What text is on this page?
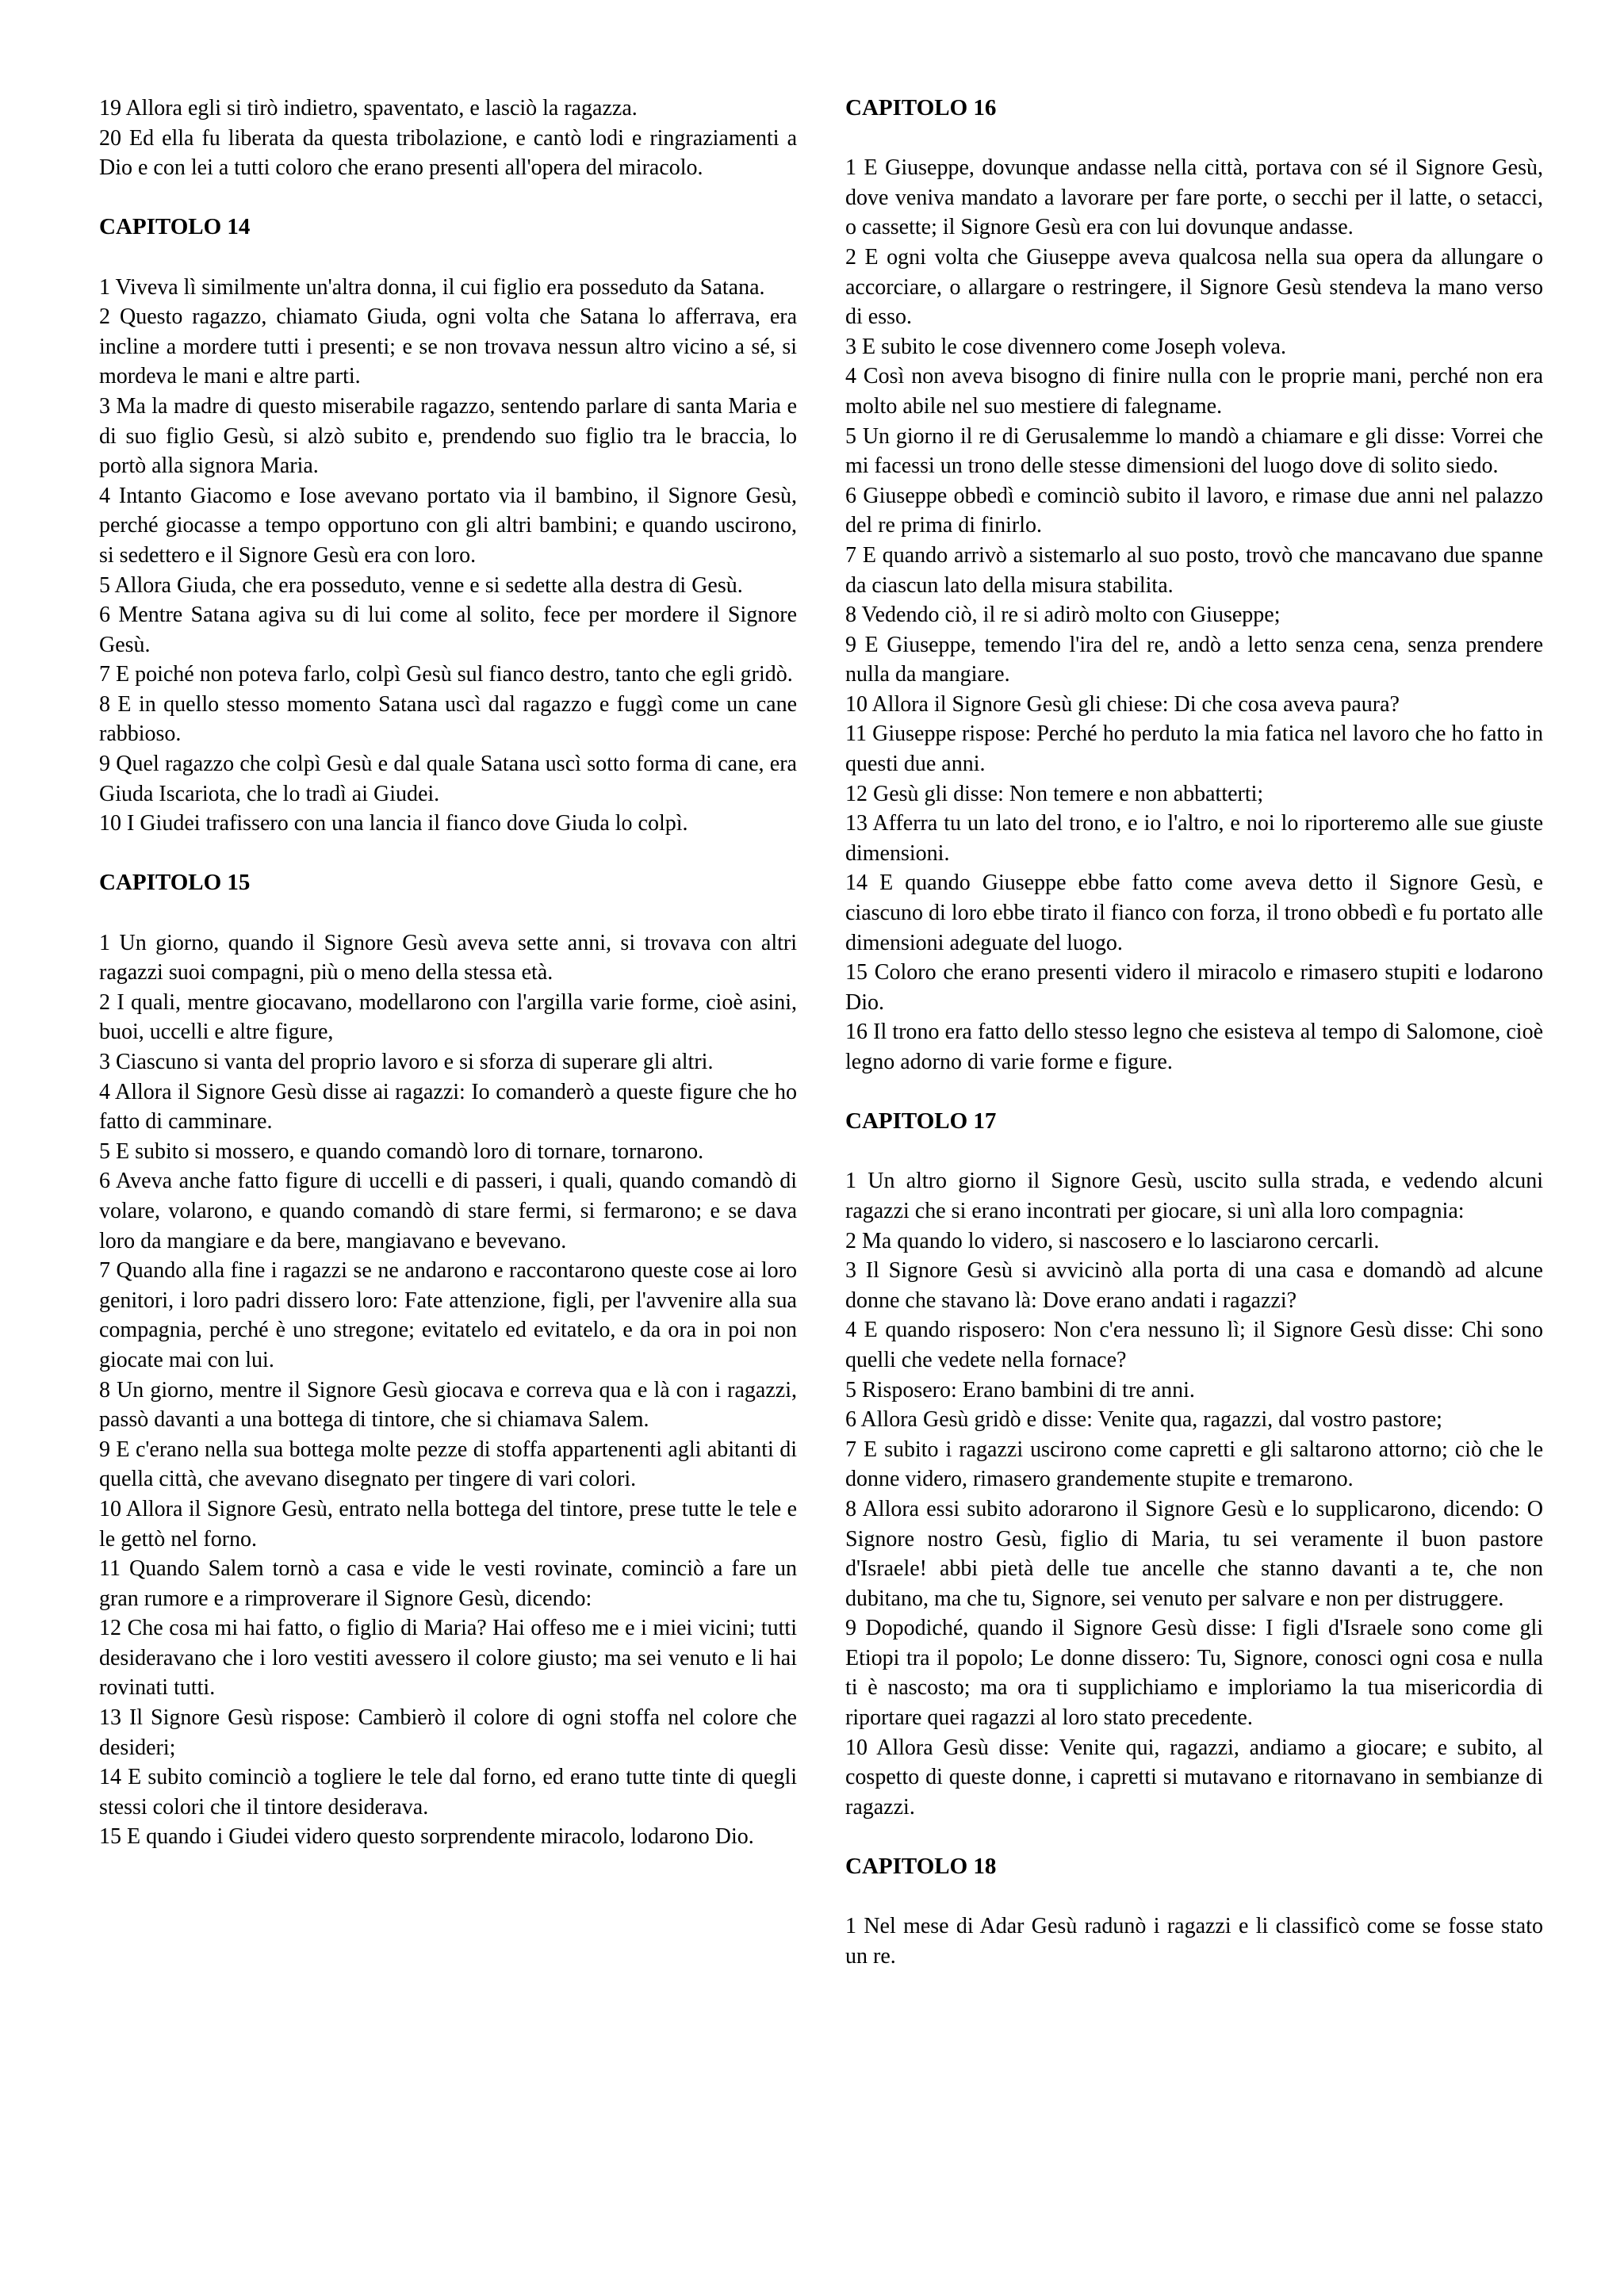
19 Allora egli si tirò indietro, spaventato, e lasciò la ragazza.

20 Ed ella fu liberata da questa tribolazione, e cantò lodi e ringraziamenti a Dio e con lei a tutti coloro che erano presenti all'opera del miracolo.

CAPITOLO 14

1 Viveva lì similmente un'altra donna, il cui figlio era posseduto da Satana.

2 Questo ragazzo, chiamato Giuda, ogni volta che Satana lo afferrava, era incline a mordere tutti i presenti; e se non trovava nessun altro vicino a sé, si mordeva le mani e altre parti.

3 Ma la madre di questo miserabile ragazzo, sentendo parlare di santa Maria e di suo figlio Gesù, si alzò subito e, prendendo suo figlio tra le braccia, lo portò alla signora Maria.

4 Intanto Giacomo e Iose avevano portato via il bambino, il Signore Gesù, perché giocasse a tempo opportuno con gli altri bambini; e quando uscirono, si sedettero e il Signore Gesù era con loro.

5 Allora Giuda, che era posseduto, venne e si sedette alla destra di Gesù.

6 Mentre Satana agiva su di lui come al solito, fece per mordere il Signore Gesù.

7 E poiché non poteva farlo, colpì Gesù sul fianco destro, tanto che egli gridò.

8 E in quello stesso momento Satana uscì dal ragazzo e fuggì come un cane rabbioso.

9 Quel ragazzo che colpì Gesù e dal quale Satana uscì sotto forma di cane, era Giuda Iscariota, che lo tradì ai Giudei.

10 I Giudei trafissero con una lancia il fianco dove Giuda lo colpì.

CAPITOLO 15

1 Un giorno, quando il Signore Gesù aveva sette anni, si trovava con altri ragazzi suoi compagni, più o meno della stessa età.

2 I quali, mentre giocavano, modellarono con l'argilla varie forme, cioè asini, buoi, uccelli e altre figure,

3 Ciascuno si vanta del proprio lavoro e si sforza di superare gli altri.

4 Allora il Signore Gesù disse ai ragazzi: Io comanderò a queste figure che ho fatto di camminare.

5 E subito si mossero, e quando comandò loro di tornare, tornarono.

6 Aveva anche fatto figure di uccelli e di passeri, i quali, quando comandò di volare, volarono, e quando comandò di stare fermi, si fermarono; e se dava loro da mangiare e da bere, mangiavano e bevevano.

7 Quando alla fine i ragazzi se ne andarono e raccontarono queste cose ai loro genitori, i loro padri dissero loro: Fate attenzione, figli, per l'avvenire alla sua compagnia, perché è uno stregone; evitatelo ed evitatelo, e da ora in poi non giocate mai con lui.

8 Un giorno, mentre il Signore Gesù giocava e correva qua e là con i ragazzi, passò davanti a una bottega di tintore, che si chiamava Salem.

9 E c'erano nella sua bottega molte pezze di stoffa appartenenti agli abitanti di quella città, che avevano disegnato per tingere di vari colori.

10 Allora il Signore Gesù, entrato nella bottega del tintore, prese tutte le tele e le gettò nel forno.

11 Quando Salem tornò a casa e vide le vesti rovinate, cominciò a fare un gran rumore e a rimproverare il Signore Gesù, dicendo:

12 Che cosa mi hai fatto, o figlio di Maria? Hai offeso me e i miei vicini; tutti desideravano che i loro vestiti avessero il colore giusto; ma sei venuto e li hai rovinati tutti.

13 Il Signore Gesù rispose: Cambierò il colore di ogni stoffa nel colore che desideri;

14 E subito cominciò a togliere le tele dal forno, ed erano tutte tinte di quegli stessi colori che il tintore desiderava.

15 E quando i Giudei videro questo sorprendente miracolo, lodarono Dio.

CAPITOLO 16

1 E Giuseppe, dovunque andasse nella città, portava con sé il Signore Gesù, dove veniva mandato a lavorare per fare porte, o secchi per il latte, o setacci, o cassette; il Signore Gesù era con lui dovunque andasse.

2 E ogni volta che Giuseppe aveva qualcosa nella sua opera da allungare o accorciare, o allargare o restringere, il Signore Gesù stendeva la mano verso di esso.

3 E subito le cose divennero come Joseph voleva.

4 Così non aveva bisogno di finire nulla con le proprie mani, perché non era molto abile nel suo mestiere di falegname.

5 Un giorno il re di Gerusalemme lo mandò a chiamare e gli disse: Vorrei che mi facessi un trono delle stesse dimensioni del luogo dove di solito siedo.

6 Giuseppe obbedì e cominciò subito il lavoro, e rimase due anni nel palazzo del re prima di finirlo.

7 E quando arrivò a sistemarlo al suo posto, trovò che mancavano due spanne da ciascun lato della misura stabilita.

8 Vedendo ciò, il re si adirò molto con Giuseppe;

9 E Giuseppe, temendo l'ira del re, andò a letto senza cena, senza prendere nulla da mangiare.

10 Allora il Signore Gesù gli chiese: Di che cosa aveva paura?

11 Giuseppe rispose: Perché ho perduto la mia fatica nel lavoro che ho fatto in questi due anni.

12 Gesù gli disse: Non temere e non abbatterti;

13 Afferra tu un lato del trono, e io l'altro, e noi lo riporteremo alle sue giuste dimensioni.

14 E quando Giuseppe ebbe fatto come aveva detto il Signore Gesù, e ciascuno di loro ebbe tirato il fianco con forza, il trono obbedì e fu portato alle dimensioni adeguate del luogo.

15 Coloro che erano presenti videro il miracolo e rimasero stupiti e lodarono Dio.

16 Il trono era fatto dello stesso legno che esisteva al tempo di Salomone, cioè legno adorno di varie forme e figure.

CAPITOLO 17

1 Un altro giorno il Signore Gesù, uscito sulla strada, e vedendo alcuni ragazzi che si erano incontrati per giocare, si unì alla loro compagnia:

2 Ma quando lo videro, si nascosero e lo lasciarono cercarli.

3 Il Signore Gesù si avvicinò alla porta di una casa e domandò ad alcune donne che stavano là: Dove erano andati i ragazzi?

4 E quando risposero: Non c'era nessuno lì; il Signore Gesù disse: Chi sono quelli che vedete nella fornace?

5 Risposero: Erano bambini di tre anni.

6 Allora Gesù gridò e disse: Venite qua, ragazzi, dal vostro pastore;

7 E subito i ragazzi uscirono come capretti e gli saltarono attorno; ciò che le donne videro, rimasero grandemente stupite e tremarono.

8 Allora essi subito adorarono il Signore Gesù e lo supplicarono, dicendo: O Signore nostro Gesù, figlio di Maria, tu sei veramente il buon pastore d'Israele! abbi pietà delle tue ancelle che stanno davanti a te, che non dubitano, ma che tu, Signore, sei venuto per salvare e non per distruggere.

9 Dopodiché, quando il Signore Gesù disse: I figli d'Israele sono come gli Etiopi tra il popolo; Le donne dissero: Tu, Signore, conosci ogni cosa e nulla ti è nascosto; ma ora ti supplichiamo e imploriamo la tua misericordia di riportare quei ragazzi al loro stato precedente.

10 Allora Gesù disse: Venite qui, ragazzi, andiamo a giocare; e subito, al cospetto di queste donne, i capretti si mutavano e ritornavano in sembianze di ragazzi.

CAPITOLO 18

1 Nel mese di Adar Gesù radunò i ragazzi e li classificò come se fosse stato un re.
